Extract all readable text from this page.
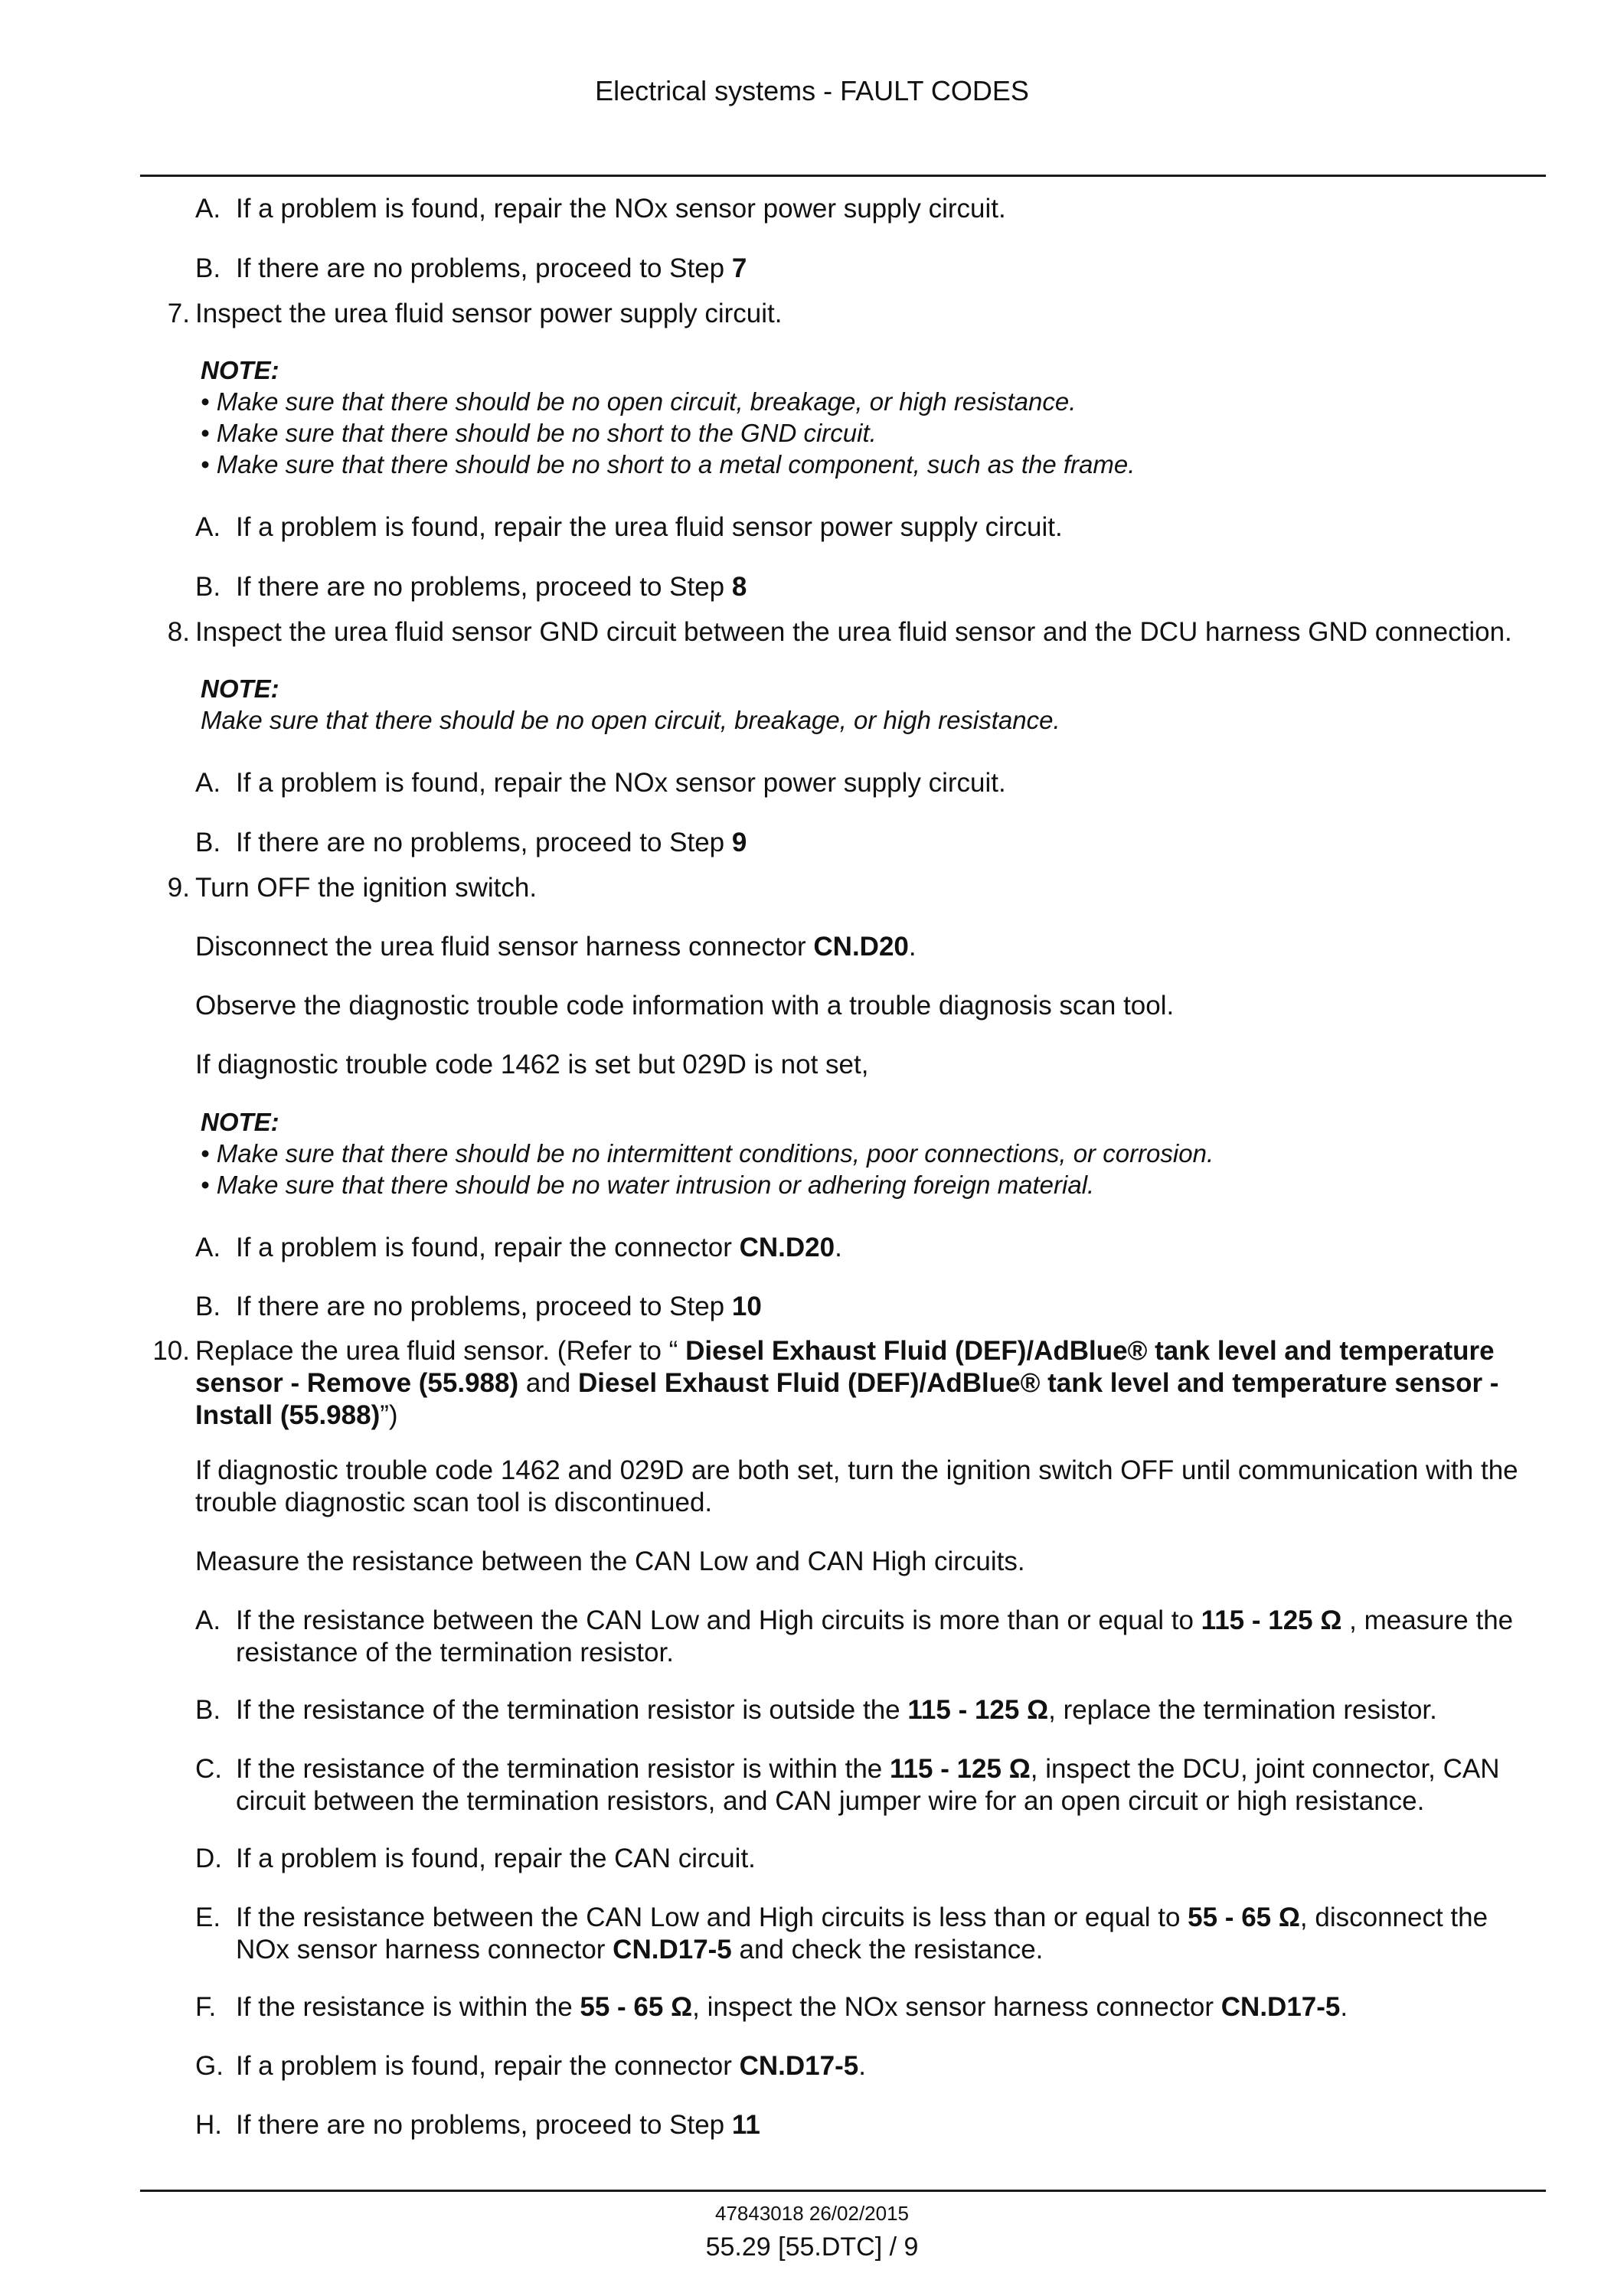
Electrical systems - FAULT CODES
A. If a problem is found, repair the NOx sensor power supply circuit.
B. If there are no problems, proceed to Step 7
7. Inspect the urea fluid sensor power supply circuit.
NOTE:
• Make sure that there should be no open circuit, breakage, or high resistance.
• Make sure that there should be no short to the GND circuit.
• Make sure that there should be no short to a metal component, such as the frame.
A. If a problem is found, repair the urea fluid sensor power supply circuit.
B. If there are no problems, proceed to Step 8
8. Inspect the urea fluid sensor GND circuit between the urea fluid sensor and the DCU harness GND connection.
NOTE:
Make sure that there should be no open circuit, breakage, or high resistance.
A. If a problem is found, repair the NOx sensor power supply circuit.
B. If there are no problems, proceed to Step 9
9. Turn OFF the ignition switch.
Disconnect the urea fluid sensor harness connector CN.D20.
Observe the diagnostic trouble code information with a trouble diagnosis scan tool.
If diagnostic trouble code 1462 is set but 029D is not set,
NOTE:
• Make sure that there should be no intermittent conditions, poor connections, or corrosion.
• Make sure that there should be no water intrusion or adhering foreign material.
A. If a problem is found, repair the connector CN.D20.
B. If there are no problems, proceed to Step 10
10. Replace the urea fluid sensor. (Refer to “ Diesel Exhaust Fluid (DEF)/AdBlue® tank level and temperature sensor - Remove (55.988) and Diesel Exhaust Fluid (DEF)/AdBlue® tank level and temperature sensor - Install (55.988)”)
If diagnostic trouble code 1462 and 029D are both set, turn the ignition switch OFF until communication with the trouble diagnostic scan tool is discontinued.
Measure the resistance between the CAN Low and CAN High circuits.
A. If the resistance between the CAN Low and High circuits is more than or equal to 115 - 125 Ω , measure the resistance of the termination resistor.
B. If the resistance of the termination resistor is outside the 115 - 125 Ω, replace the termination resistor.
C. If the resistance of the termination resistor is within the 115 - 125 Ω, inspect the DCU, joint connector, CAN circuit between the termination resistors, and CAN jumper wire for an open circuit or high resistance.
D. If a problem is found, repair the CAN circuit.
E. If the resistance between the CAN Low and High circuits is less than or equal to 55 - 65 Ω, disconnect the NOx sensor harness connector CN.D17-5 and check the resistance.
F. If the resistance is within the 55 - 65 Ω, inspect the NOx sensor harness connector CN.D17-5.
G. If a problem is found, repair the connector CN.D17-5.
H. If there are no problems, proceed to Step 11
47843018 26/02/2015
55.29 [55.DTC] / 9
